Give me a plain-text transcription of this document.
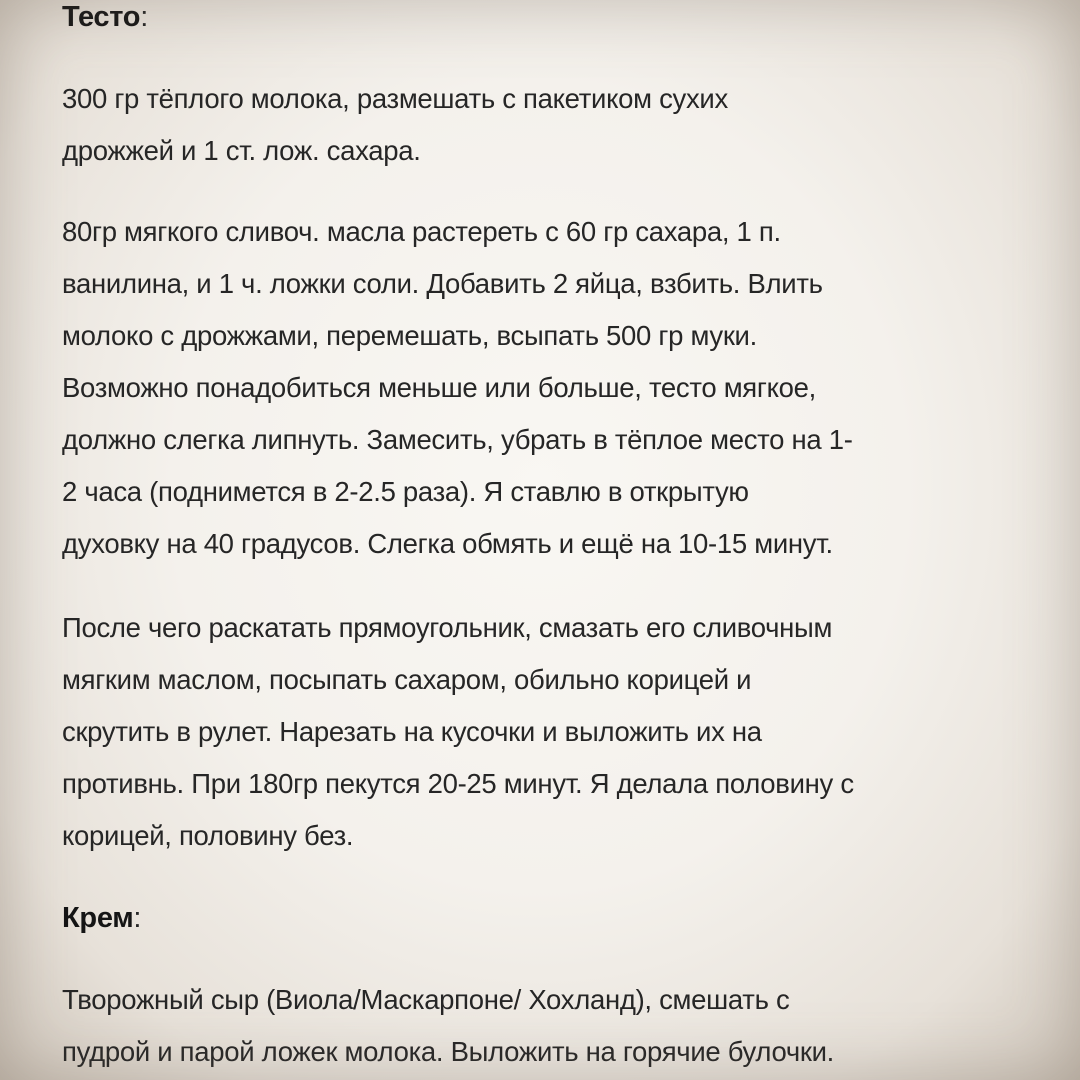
Тесто:
300 гр тёплого молока, размешать с пакетиком сухих
дрожжей и 1 ст. лож. сахара.
80гр мягкого сливоч. масла растереть с 60 гр сахара, 1 п.
ванилина, и 1 ч. ложки соли. Добавить 2 яйца, взбить. Влить
молоко с дрожжами, перемешать, всыпать 500 гр муки.
Возможно понадобиться меньше или больше, тесто мягкое,
должно слегка липнуть. Замесить, убрать в тёплое место на 1-
2 часа (поднимется в 2-2.5 раза). Я ставлю в открытую
духовку на 40 градусов. Слегка обмять и ещё на 10-15 минут.
После чего раскатать прямоугольник, смазать его сливочным
мягким маслом, посыпать сахаром, обильно корицей и
скрутить в рулет. Нарезать на кусочки и выложить их на
противнь. При 180гр пекутся 20-25 минут. Я делала половину с
корицей, половину без.
Крем:
Творожный сыр (Виола/Маскарпоне/ Хохланд), смешать с
пудрой и парой ложек молока. Выложить на горячие булочки.
